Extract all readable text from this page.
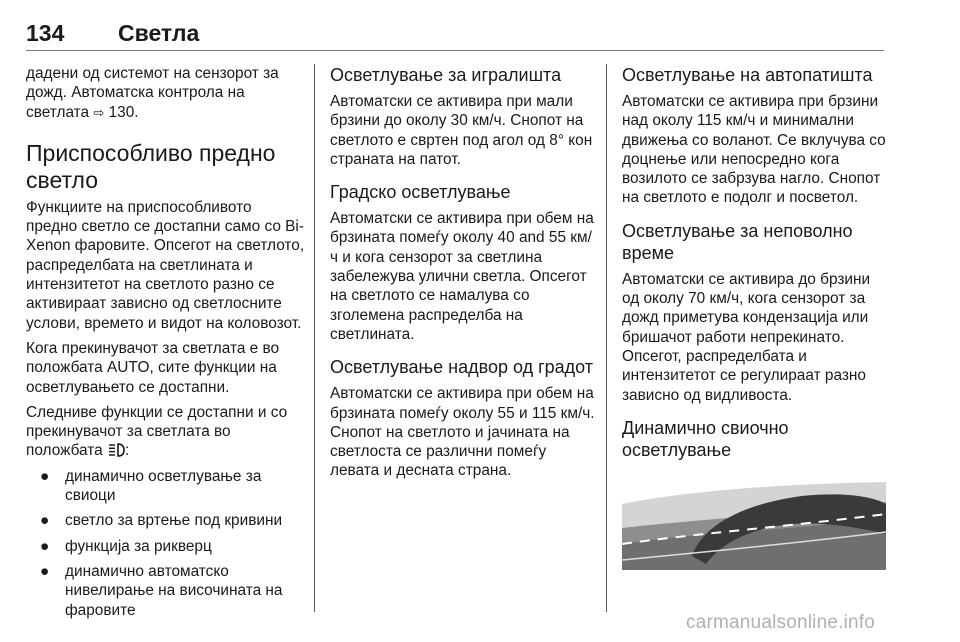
134 Светла

дадени од системот на сензорот за дожд. Автоматска контрола на светлата ⇨ 130.

Приспособливо предно светло

Функциите на приспособливото предно светло се достапни само со Bi-Xenon фаровите. Опсегот на светлото, распределбата на светлината и интензитетот на светлото разно се активираат зависно од светлосните услови, времето и видот на коловозот.

Кога прекинувачот за светлата е во положбата AUTO, сите функции на осветлувањето се достапни.

Следниве функции се достапни и со прекинувачот за светлата во положбата :

● динамично осветлување за свиоци
● светло за вртење под кривини
● функција за рикверц
● динамично автоматско нивелирање на височината на фаровите
Осветлување за игралишта

Автоматски се активира при мали брзини до околу 30 км/ч. Снопот на светлото е свртен под агол од 8° кон страната на патот.

Градско осветлување

Автоматски се активира при обем на брзината помеѓу околу 40 and 55 км/ч и кога сензорот за светлина забележува улични светла. Опсегот на светлото се намалува со зголемена распределба на светлината.

Осветлување надвор од градот

Автоматски се активира при обем на брзината помеѓу околу 55 и 115 км/ч. Снопот на светлото и јачината на светлоста се различни помеѓу левата и десната страна.

Осветлување на автопатишта

Автоматски се активира при брзини над околу 115 км/ч и минимални движења со воланот. Се вклучува со доцнење или непосредно кога возилото се забрзува нагло. Снопот на светлото е подолг и посветол.

Осветлување за неповолно време

Автоматски се активира до брзини од околу 70 км/ч, кога сензорот за дожд приметува кондензација или бришачот работи непрекинато. Опсегот, распределбата и интензитетот се регулираат разно зависно од видливоста.

Динамично свиочно осветлување
carmanualsonline.info
